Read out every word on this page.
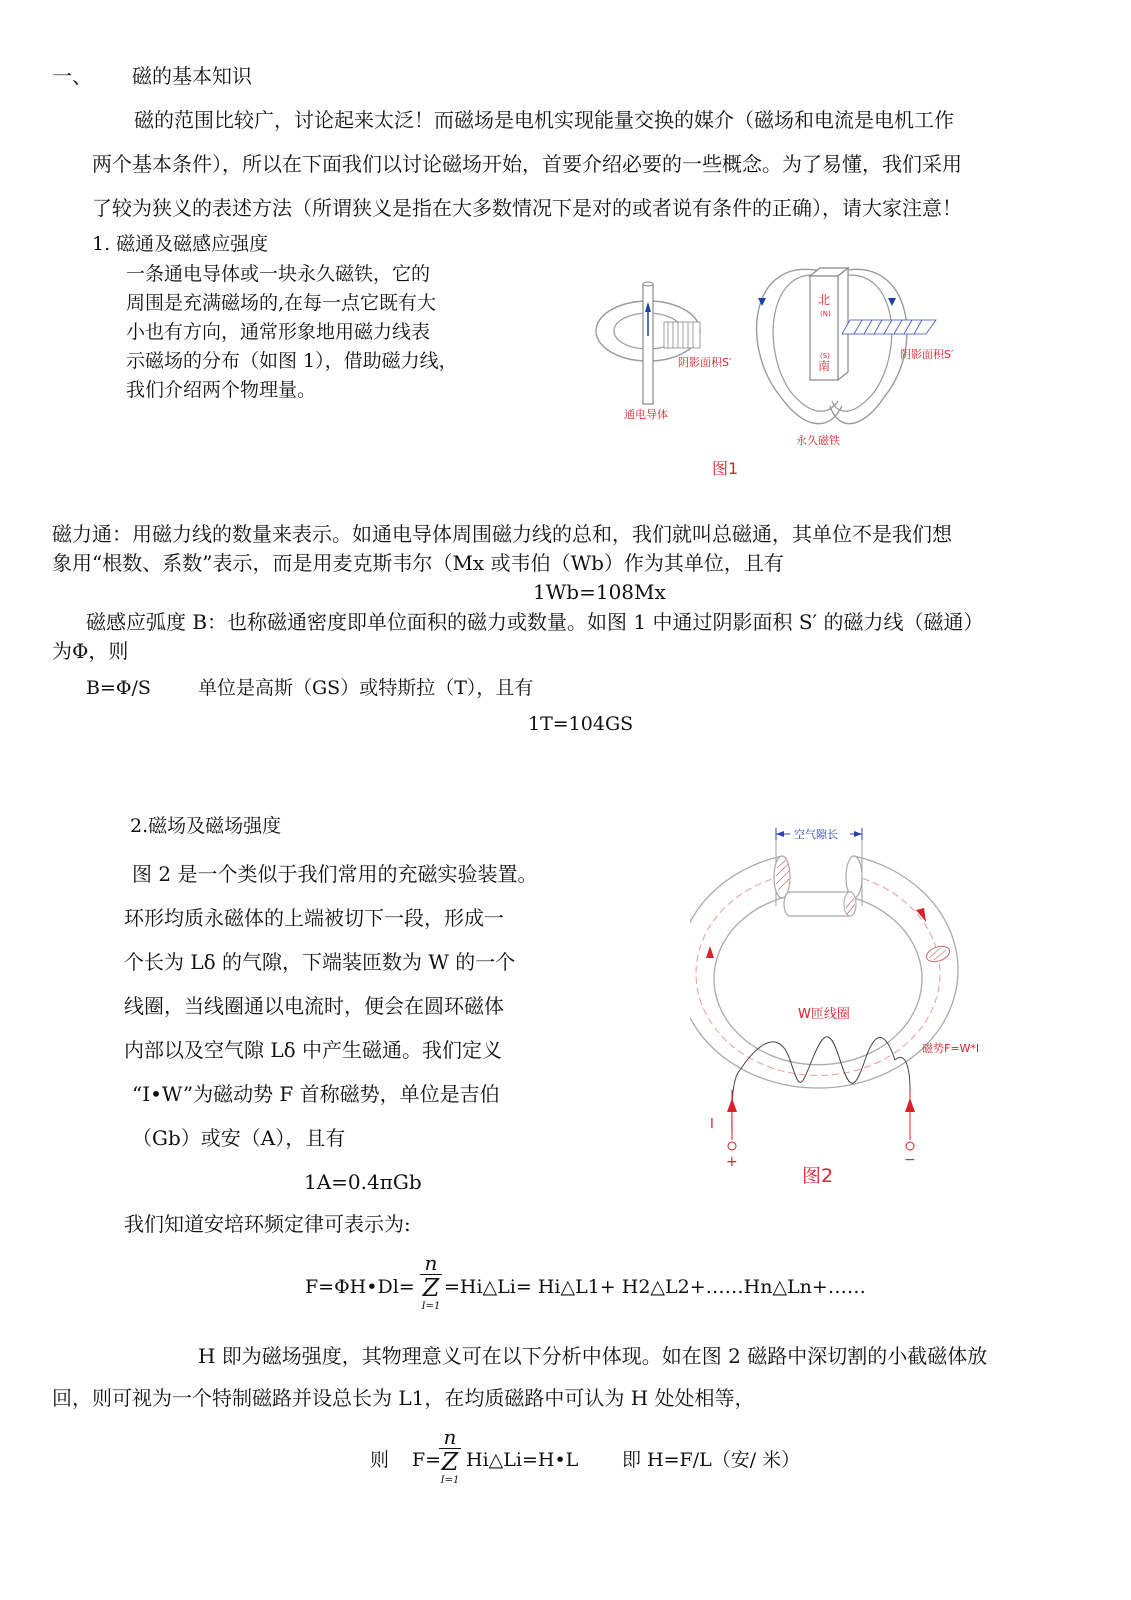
一、 磁的基本知识
磁的范围比较广，讨论起来太泛！而磁场是电机实现能量交换的媒介（磁场和电流是电机工作
两个基本条件），所以在下面我们以讨论磁场开始，首要介绍必要的一些概念。为了易懂，我们采用
了较为狭义的表述方法（所谓狭义是指在大多数情况下是对的或者说有条件的正确），请大家注意！
1. 磁通及磁感应强度
一条通电导体或一块永久磁铁，它的
周围是充满磁场的,在每一点它既有大
小也有方向，通常形象地用磁力线表
示磁场的分布（如图 1），借助磁力线，
我们介绍两个物理量。
北
(N)
(S)
南
阴影面积S′
阴影面积S′
通电导体
永久磁铁
图1
磁力通：用磁力线的数量来表示。如通电导体周围磁力线的总和，我们就叫总磁通，其单位不是我们想
象用“根数、系数”表示，而是用麦克斯韦尔（Mx 或韦伯（Wb）作为其单位，且有
1Wb=108Mx
磁感应弧度 B：也称磁通密度即单位面积的磁力或数量。如图 1 中通过阴影面积 S′ 的磁力线（磁通）
为Φ，则
B=Φ/S 单位是高斯（GS）或特斯拉（T），且有
1T=104GS
2.磁场及磁场强度
图 2 是一个类似于我们常用的充磁实验装置。
环形均质永磁体的上端被切下一段，形成一
个长为 Lδ 的气隙，下端装匝数为 W 的一个
线圈，当线圈通以电流时，便会在圆环磁体
内部以及空气隙 Lδ 中产生磁通。我们定义
“I•W”为磁动势 F 首称磁势，单位是吉伯
（Gb）或安（A），且有
1A=0.4πGb
空气隙长
W匝线圈
磁势F=W*I
I
+	−
图2
我们知道安培环频定律可表示为:
F=ΦH•Dl=
n
Z
I=1
=Hi△Li= Hi△L1+ H2△L2+……Hn△Ln+……
H 即为磁场强度，其物理意义可在以下分析中体现。如在图 2 磁路中深切割的小截磁体放
回，则可视为一个特制磁路并设总长为 L1，在均质磁路中可认为 H 处处相等，
则 F=
n
Z
I=1
Hi△Li=H•L 即 H=F/L（安/ 米）
